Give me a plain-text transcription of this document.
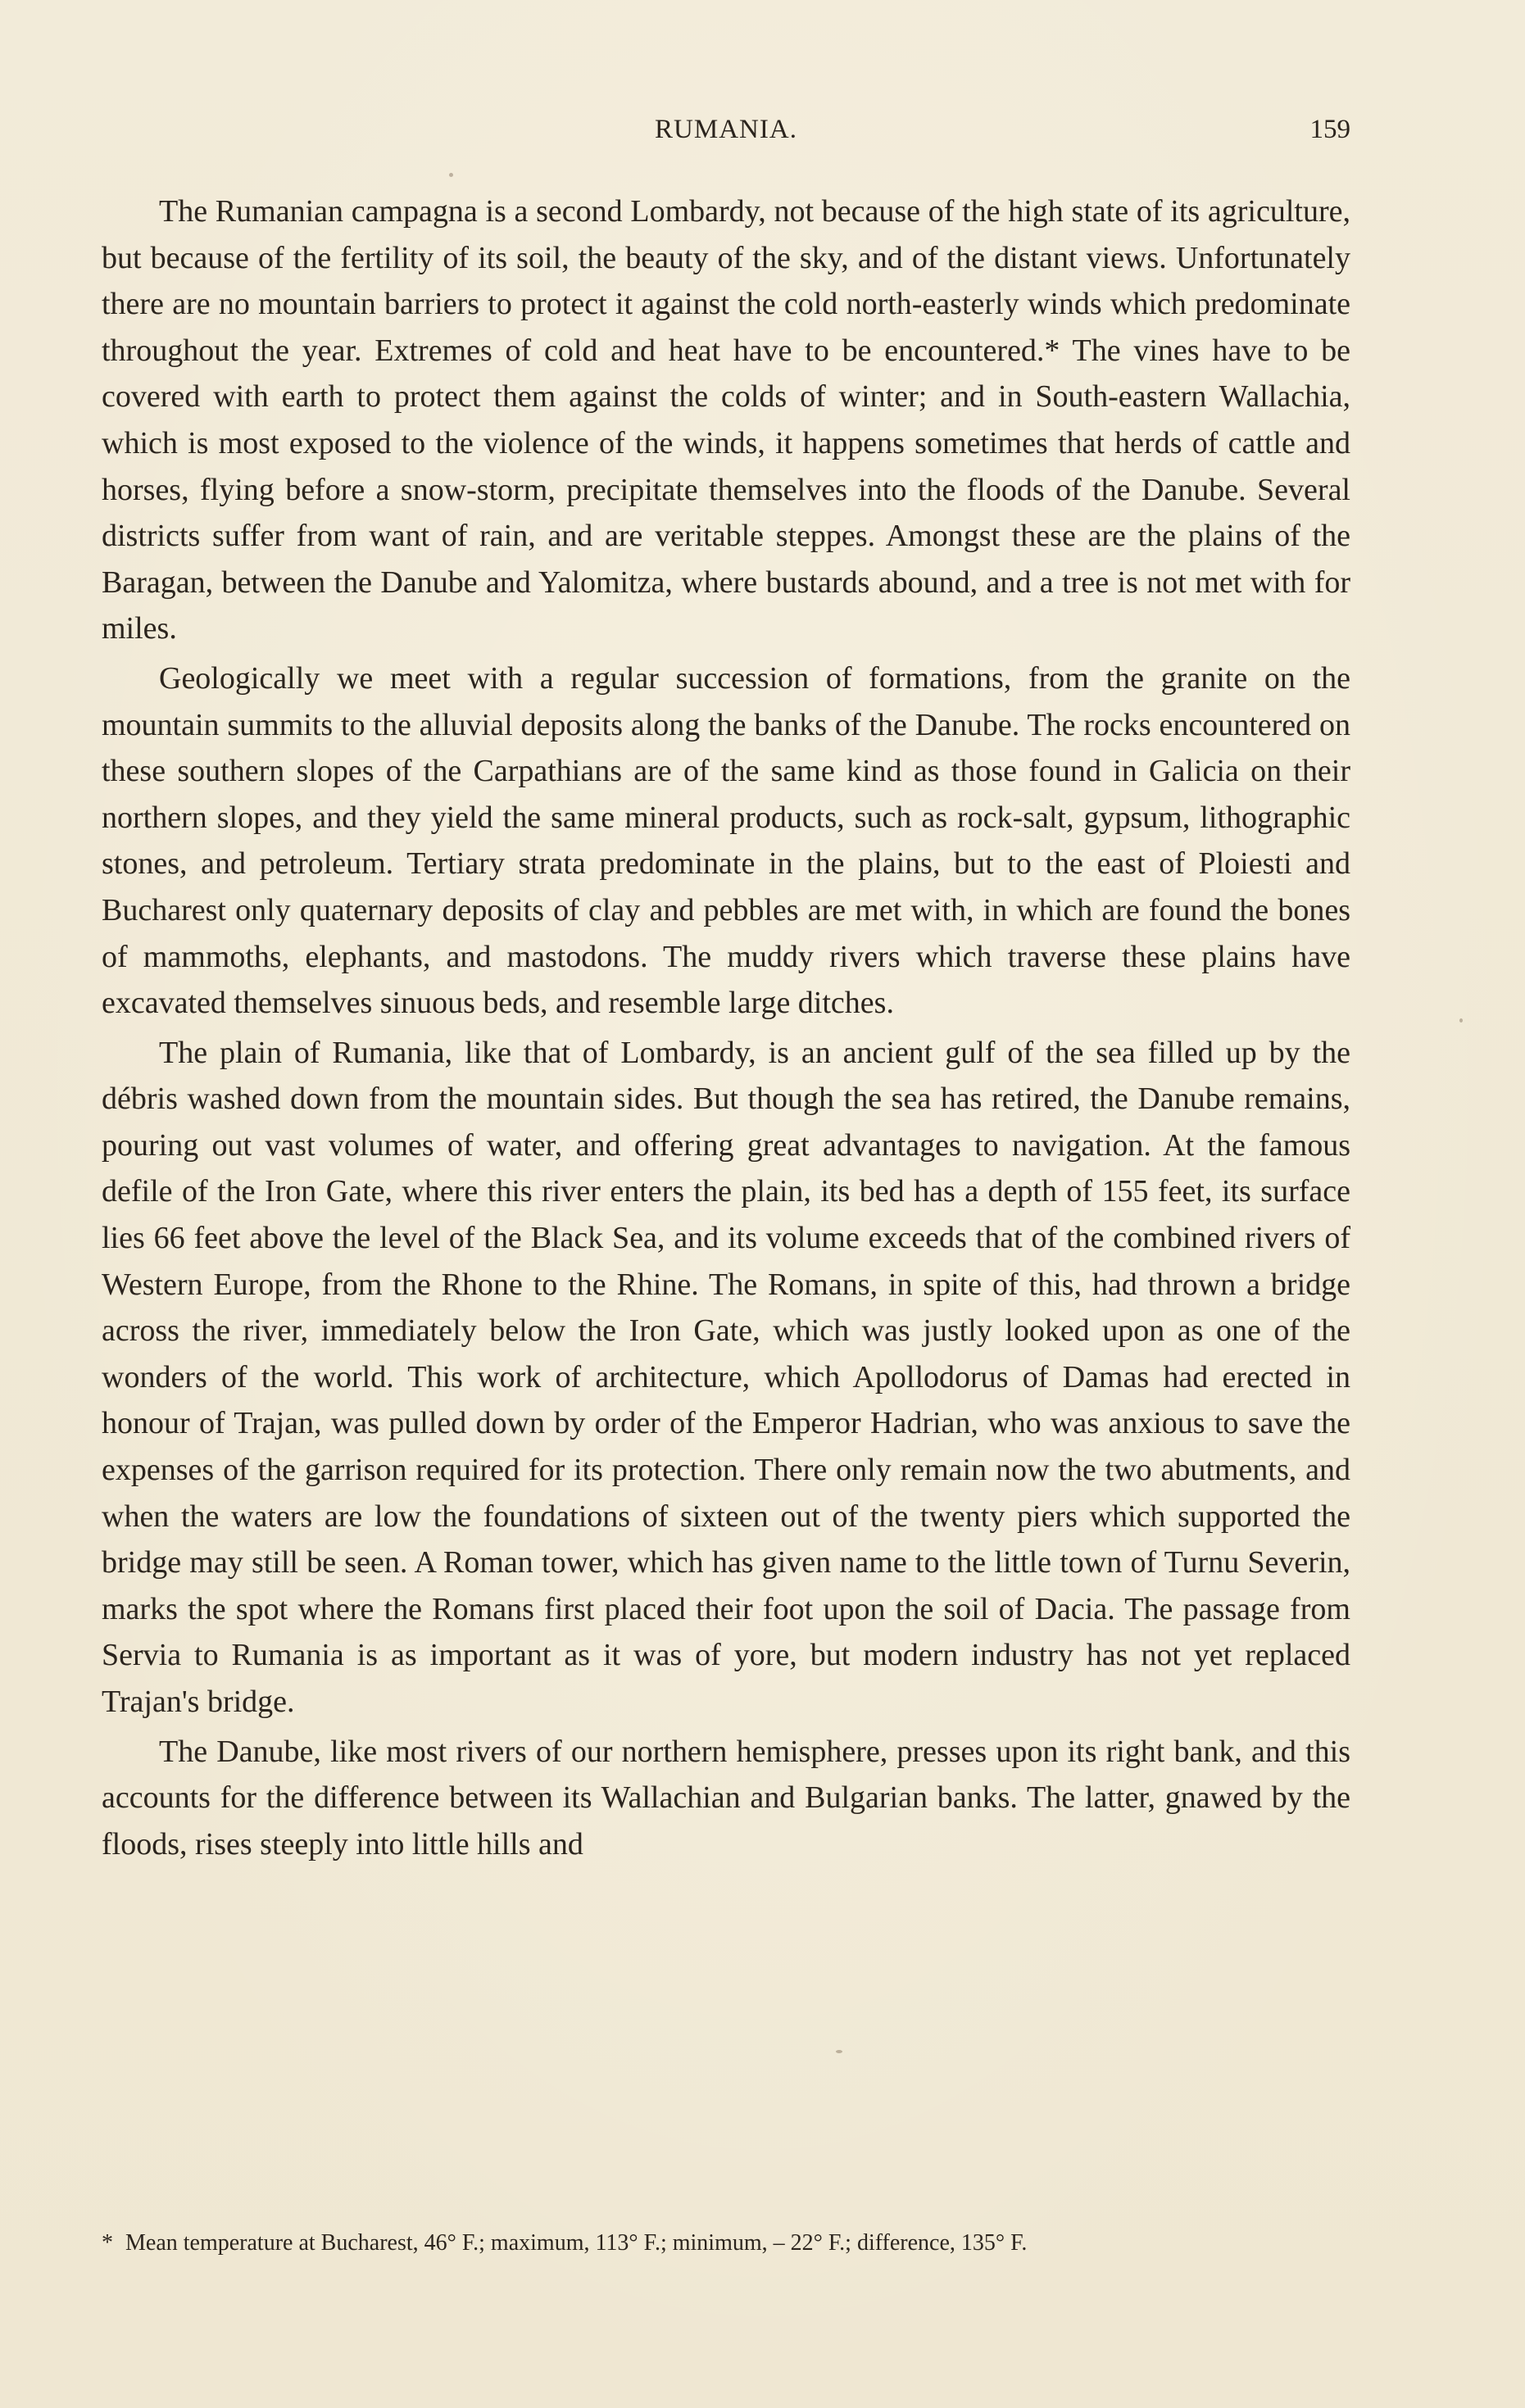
RUMANIA.	159

The Rumanian campagna is a second Lombardy, not because of the high state of its agriculture, but because of the fertility of its soil, the beauty of the sky, and of the distant views. Unfortunately there are no mountain barriers to protect it against the cold north-easterly winds which predominate throughout the year. Extremes of cold and heat have to be encountered.* The vines have to be covered with earth to protect them against the colds of winter; and in South-eastern Wallachia, which is most exposed to the violence of the winds, it happens sometimes that herds of cattle and horses, flying before a snow-storm, precipitate themselves into the floods of the Danube. Several districts suffer from want of rain, and are veritable steppes. Amongst these are the plains of the Baragan, between the Danube and Yalomitza, where bustards abound, and a tree is not met with for miles.

Geologically we meet with a regular succession of formations, from the granite on the mountain summits to the alluvial deposits along the banks of the Danube. The rocks encountered on these southern slopes of the Carpathians are of the same kind as those found in Galicia on their northern slopes, and they yield the same mineral products, such as rock-salt, gypsum, lithographic stones, and petroleum. Tertiary strata predominate in the plains, but to the east of Ploiesti and Bucharest only quaternary deposits of clay and pebbles are met with, in which are found the bones of mammoths, elephants, and mastodons. The muddy rivers which traverse these plains have excavated themselves sinuous beds, and resemble large ditches.

The plain of Rumania, like that of Lombardy, is an ancient gulf of the sea filled up by the débris washed down from the mountain sides. But though the sea has retired, the Danube remains, pouring out vast volumes of water, and offering great advantages to navigation. At the famous defile of the Iron Gate, where this river enters the plain, its bed has a depth of 155 feet, its surface lies 66 feet above the level of the Black Sea, and its volume exceeds that of the combined rivers of Western Europe, from the Rhone to the Rhine. The Romans, in spite of this, had thrown a bridge across the river, immediately below the Iron Gate, which was justly looked upon as one of the wonders of the world. This work of architecture, which Apollodorus of Damas had erected in honour of Trajan, was pulled down by order of the Emperor Hadrian, who was anxious to save the expenses of the garrison required for its protection. There only remain now the two abutments, and when the waters are low the foundations of sixteen out of the twenty piers which supported the bridge may still be seen. A Roman tower, which has given name to the little town of Turnu Severin, marks the spot where the Romans first placed their foot upon the soil of Dacia. The passage from Servia to Rumania is as important as it was of yore, but modern industry has not yet replaced Trajan's bridge.

The Danube, like most rivers of our northern hemisphere, presses upon its right bank, and this accounts for the difference between its Wallachian and Bulgarian banks. The latter, gnawed by the floods, rises steeply into little hills and

* Mean temperature at Bucharest, 46° F.; maximum, 113° F.; minimum, – 22° F.; difference, 135° F.
